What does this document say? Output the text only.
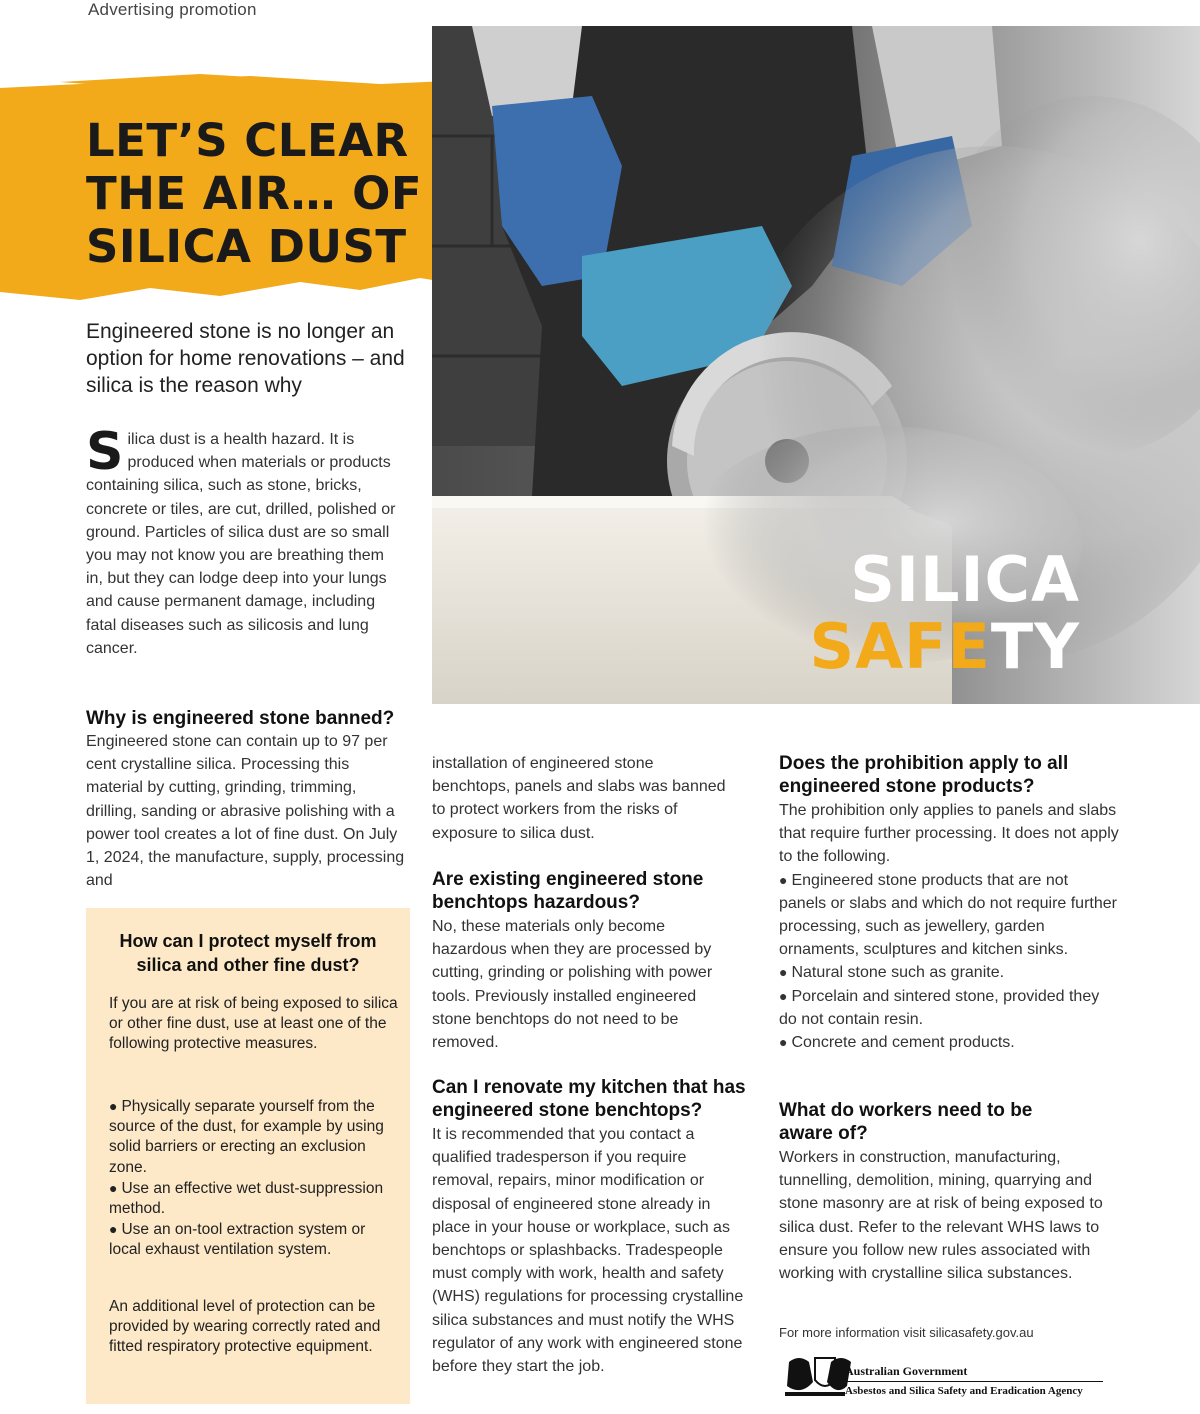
Advertising promotion
LET’S CLEAR THE AIR… OF SILICA DUST
Engineered stone is no longer an option for home renovations – and silica is the reason why
SILICA
SAFETY
Silica dust is a health hazard. It is produced when materials or products containing silica, such as stone, bricks, concrete or tiles, are cut, drilled, polished or ground. Particles of silica dust are so small you may not know you are breathing them in, but they can lodge deep into your lungs and cause permanent damage, including fatal diseases such as silicosis and lung cancer.
Why is engineered stone banned?
Engineered stone can contain up to 97 per cent crystalline silica. Processing this material by cutting, grinding, trimming, drilling, sanding or abrasive polishing with a power tool creates a lot of fine dust. On July 1, 2024, the manufacture, supply, processing and
How can I protect myself from silica and other fine dust?
If you are at risk of being exposed to silica or other fine dust, use at least one of the following protective measures.
● Physically separate yourself from the source of the dust, for example by using solid barriers or erecting an exclusion zone.
● Use an effective wet dust-suppression method.
● Use an on-tool extraction system or local exhaust ventilation system.
An additional level of protection can be provided by wearing correctly rated and fitted respiratory protective equipment.
installation of engineered stone benchtops, panels and slabs was banned to protect workers from the risks of exposure to silica dust.
Are existing engineered stone benchtops hazardous?
No, these materials only become hazardous when they are processed by cutting, grinding or polishing with power tools. Previously installed engineered stone benchtops do not need to be removed.
Can I renovate my kitchen that has engineered stone benchtops?
It is recommended that you contact a qualified tradesperson if you require removal, repairs, minor modification or disposal of engineered stone already in place in your house or workplace, such as benchtops or splashbacks. Tradespeople must comply with work, health and safety (WHS) regulations for processing crystalline silica substances and must notify the WHS regulator of any work with engineered stone before they start the job.
Does the prohibition apply to all engineered stone products?

The prohibition only applies to panels and slabs that require further processing. It does not apply to the following.

● Engineered stone products that are not panels or slabs and which do not require further processing, such as jewellery, garden ornaments, sculptures and kitchen sinks.
● Natural stone such as granite.
● Porcelain and sintered stone, provided they do not contain resin.
● Concrete and cement products.
What do workers need to be aware of?
Workers in construction, manufacturing, tunnelling, demolition, mining, quarrying and stone masonry are at risk of being exposed to silica dust. Refer to the relevant WHS laws to ensure you follow new rules associated with working with crystalline silica substances.
For more information visit silicasafety.gov.au
Australian Government
Asbestos and Silica Safety and Eradication Agency
